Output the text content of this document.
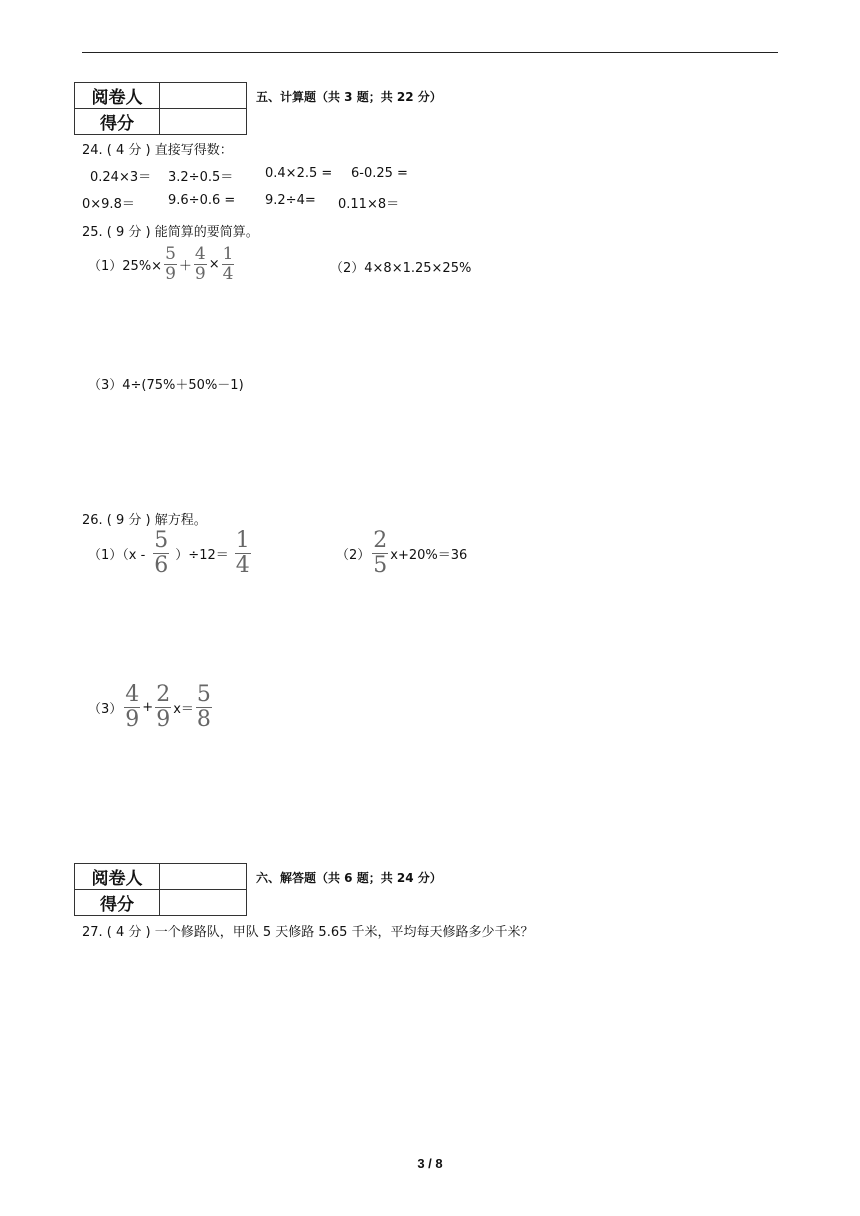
阅卷人	
得分	
五、计算题（共 3 题；共 22 分）
24. ( 4 分 ) 直接写得数：
0.24×3＝ 3.2÷0.5＝ 0.4×2.5 = 6-0.25 =
0×9.8＝	9.6÷0.6 = 9.2÷4= 0.11×8＝
25. ( 9 分 ) 能简算的要简算。
$(1)25\%\times \frac{5}{9} + \frac{4}{9} \times \frac{1}{4}$	（2）4×8×1.25×25%
（3）4÷(75%＋50%－1)
26. ( 9 分 ) 解方程。
$(1)(x - \frac{5}{6} )\div 12= \frac{1}{4}$	$(2) \frac{2}{5} x+20\%=36$
$(3) \frac{4}{9} + \frac{2}{9} x= \frac{5}{8}$
阅卷人	
得分	
六、解答题（共 6 题；共 24 分）
27. ( 4 分 ) 一个修路队，甲队 5 天修路 5.65 千米，平均每天修路多少千米？
3 / 8
